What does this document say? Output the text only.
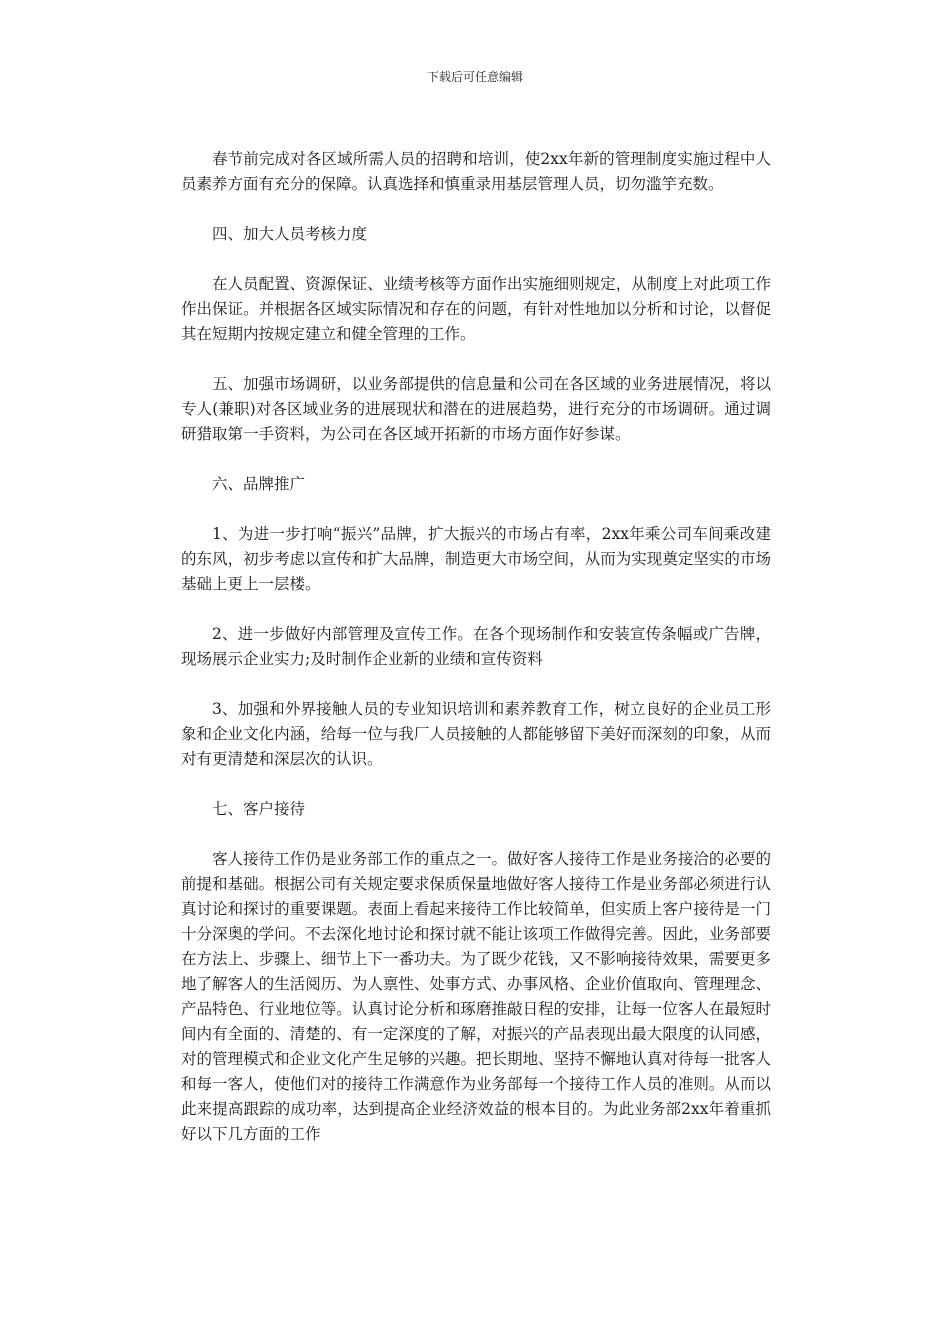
下载后可任意编辑

春节前完成对各区域所需人员的招聘和培训，使2xx年新的管理制度实施过程中人员素养方面有充分的保障。认真选择和慎重录用基层管理人员，切勿滥竽充数。

四、加大人员考核力度

在人员配置、资源保证、业绩考核等方面作出实施细则规定，从制度上对此项工作作出保证。并根据各区域实际情况和存在的问题，有针对性地加以分析和讨论，以督促其在短期内按规定建立和健全管理的工作。

五、加强市场调研，以业务部提供的信息量和公司在各区域的业务进展情况，将以专人(兼职)对各区域业务的进展现状和潜在的进展趋势，进行充分的市场调研。通过调研猎取第一手资料，为公司在各区域开拓新的市场方面作好参谋。

六、品牌推广

1、为进一步打响“振兴”品牌，扩大振兴的市场占有率，2xx年乘公司车间乘改建的东风，初步考虑以宣传和扩大品牌，制造更大市场空间，从而为实现奠定坚实的市场基础上更上一层楼。

2、进一步做好内部管理及宣传工作。在各个现场制作和安装宣传条幅或广告牌，现场展示企业实力;及时制作企业新的业绩和宣传资料

3、加强和外界接触人员的专业知识培训和素养教育工作，树立良好的企业员工形象和企业文化内涵，给每一位与我厂人员接触的人都能够留下美好而深刻的印象，从而对有更清楚和深层次的认识。

七、客户接待

客人接待工作仍是业务部工作的重点之一。做好客人接待工作是业务接洽的必要的前提和基础。根据公司有关规定要求保质保量地做好客人接待工作是业务部必须进行认真讨论和探讨的重要课题。表面上看起来接待工作比较简单，但实质上客户接待是一门十分深奥的学问。不去深化地讨论和探讨就不能让该项工作做得完善。因此，业务部要在方法上、步骤上、细节上下一番功夫。为了既少花钱，又不影响接待效果，需要更多地了解客人的生活阅历、为人禀性、处事方式、办事风格、企业价值取向、管理理念、产品特色、行业地位等。认真讨论分析和琢磨推敲日程的安排，让每一位客人在最短时间内有全面的、清楚的、有一定深度的了解，对振兴的产品表现出最大限度的认同感，对的管理模式和企业文化产生足够的兴趣。把长期地、坚持不懈地认真对待每一批客人和每一客人，使他们对的接待工作满意作为业务部每一个接待工作人员的准则。从而以此来提高跟踪的成功率，达到提高企业经济效益的根本目的。为此业务部2xx年着重抓好以下几方面的工作
